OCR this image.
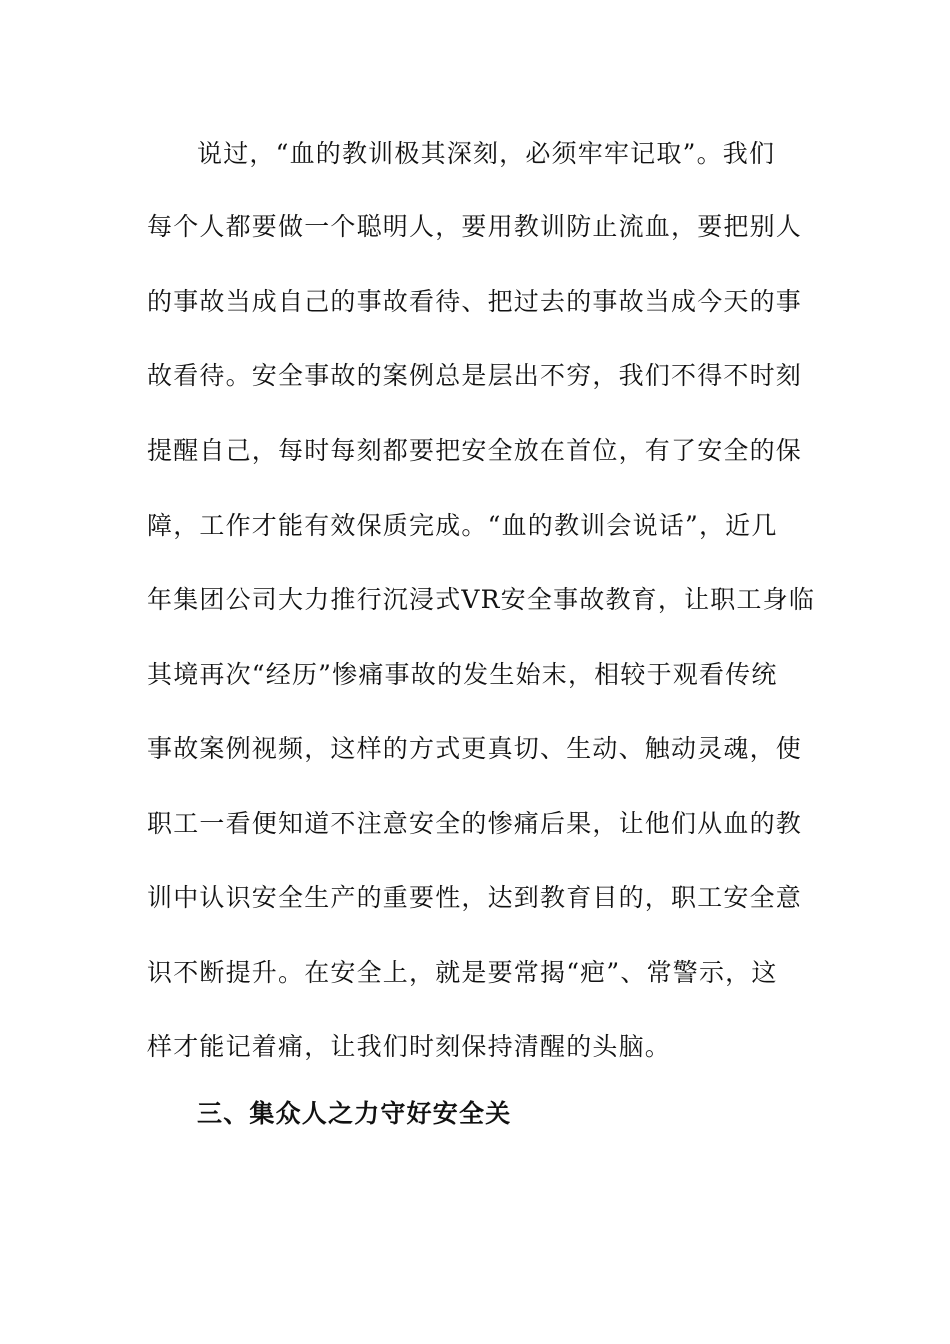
说过，“血的教训极其深刻，必须牢牢记取”。我们
每个人都要做一个聪明人，要用教训防止流血，要把别人
的事故当成自己的事故看待、把过去的事故当成今天的事
故看待。安全事故的案例总是层出不穷，我们不得不时刻
提醒自己，每时每刻都要把安全放在首位，有了安全的保
障，工作才能有效保质完成。“血的教训会说话”，近几
年集团公司大力推行沉浸式VR安全事故教育，让职工身临
其境再次“经历”惨痛事故的发生始末，相较于观看传统
事故案例视频，这样的方式更真切、生动、触动灵魂，使
职工一看便知道不注意安全的惨痛后果，让他们从血的教
训中认识安全生产的重要性，达到教育目的，职工安全意
识不断提升。在安全上，就是要常揭“疤”、常警示，这
样才能记着痛，让我们时刻保持清醒的头脑。
三、集众人之力守好安全关
